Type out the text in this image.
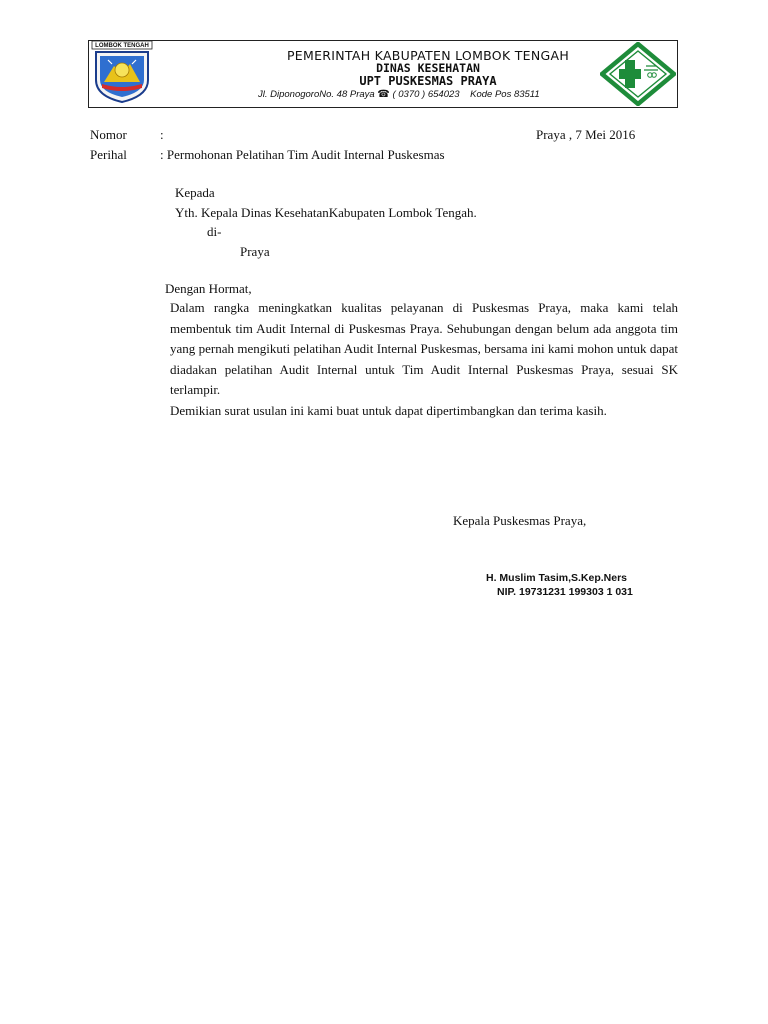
LOMBOK TENGAH
PEMERINTAH KABUPATEN LOMBOK TENGAH
DINAS KESEHATAN
UPT PUSKESMAS PRAYA
Jl. DiponogoroNo. 48 Praya ☎ ( 0370 ) 654023 Kode Pos 83511
Nomor	:	Praya , 7 Mei 2016
Perihal	: Permohonan Pelatihan Tim Audit Internal Puskesmas
Kepada
Yth. Kepala Dinas KesehatanKabupaten Lombok Tengah.
di-
Praya
Dengan Hormat,

Dalam rangka meningkatkan kualitas pelayanan di Puskesmas Praya, maka kami telah membentuk tim Audit Internal di Puskesmas Praya. Sehubungan dengan belum ada anggota tim yang pernah mengikuti pelatihan Audit Internal Puskesmas, bersama ini kami mohon untuk dapat diadakan pelatihan Audit Internal untuk Tim Audit Internal Puskesmas Praya, sesuai SK terlampir.

Demikian surat usulan ini kami buat untuk dapat dipertimbangkan dan terima kasih.

Kepala Puskesmas Praya,
H. Muslim Tasim,S.Kep.Ners
NIP. 19731231 199303 1 031
